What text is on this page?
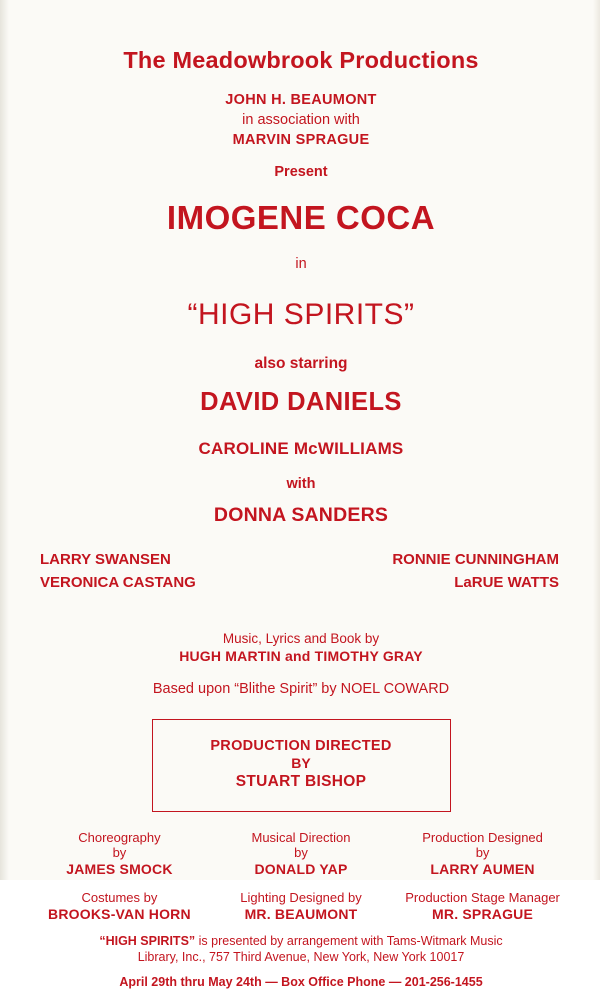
The Meadowbrook Productions
JOHN H. BEAUMONT
in association with
MARVIN SPRAGUE
Present
IMOGENE COCA
in
“HIGH SPIRITS”
also starring
DAVID DANIELS
CAROLINE McWILLIAMS
with
DONNA SANDERS
LARRY SWANSEN
VERONICA CASTANG
RONNIE CUNNINGHAM
LaRUE WATTS
Music, Lyrics and Book by
HUGH MARTIN and TIMOTHY GRAY
Based upon “Blithe Spirit” by NOEL COWARD
PRODUCTION DIRECTED
BY
STUART BISHOP
Choreography
by
JAMES SMOCK
Musical Direction
by
DONALD YAP
Production Designed
by
LARRY AUMEN
Costumes by
BROOKS-VAN HORN
Lighting Designed by
MR. BEAUMONT
Production Stage Manager
MR. SPRAGUE
“HIGH SPIRITS” is presented by arrangement with Tams-Witmark Music
Library, Inc., 757 Third Avenue, New York, New York 10017
April 29th thru May 24th — Box Office Phone — 201-256-1455
